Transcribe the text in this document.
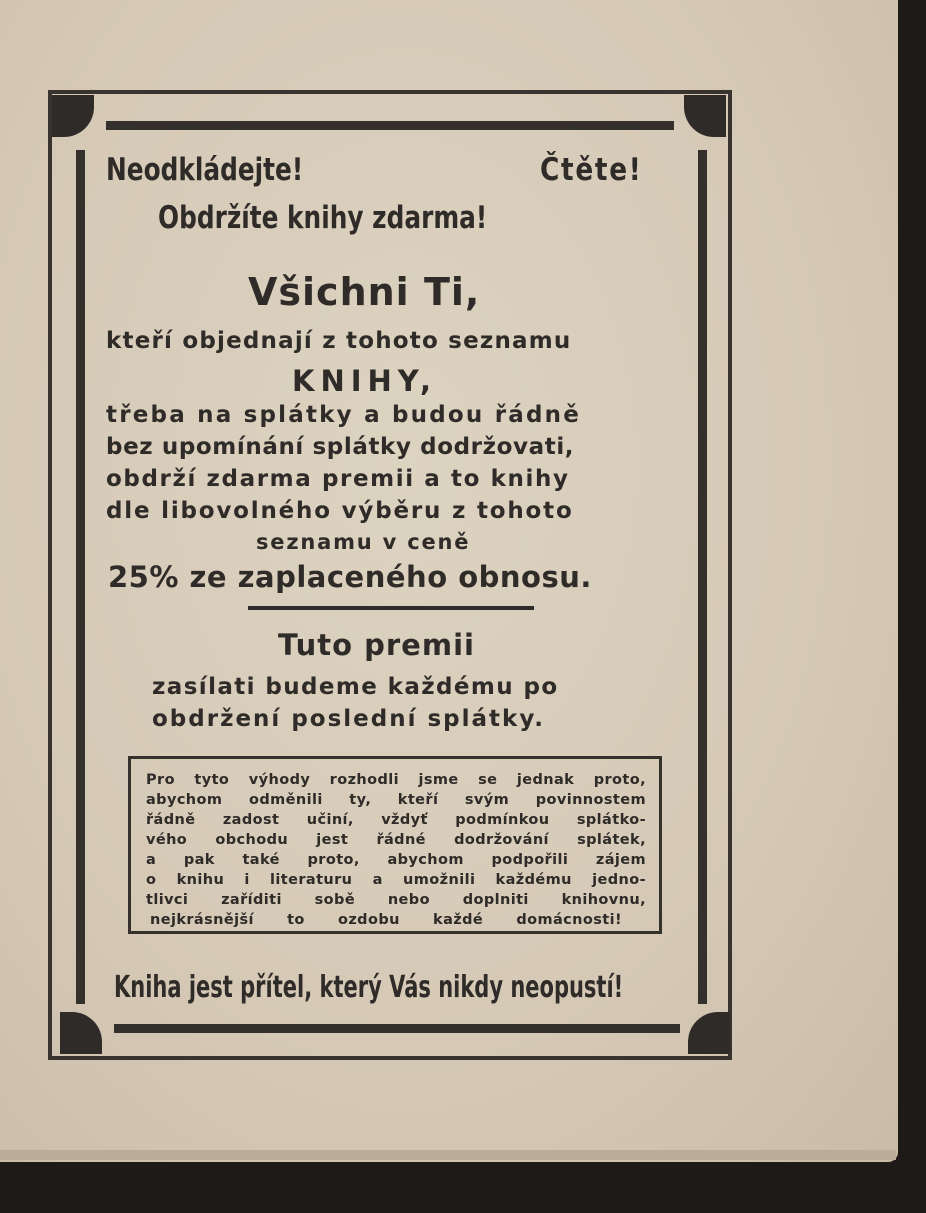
Neodkládejte!	Čtěte!
Obdržíte knihy zdarma!
Všichni Ti,
kteří objednají z tohoto seznamu
KNIHY,
třeba na splátky a budou řádně
bez upomínání splátky dodržovati,
obdrží zdarma premii a to knihy
dle libovolného výběru z tohoto
seznamu v ceně
25% ze zaplaceného obnosu.
Tuto premii
zasílati budeme každému po
obdržení poslední splátky.
Pro tyto výhody rozhodli jsme se jednak proto,
abychom odměnili ty, kteří svým povinnostem
řádně zadost učiní, vždyť podmínkou splátko-
vého obchodu jest řádné dodržování splátek,
a pak také proto, abychom podpořili zájem
o knihu i literaturu a umožnili každému jedno-
tlivci zaříditi sobě nebo doplniti knihovnu,
nejkrásnější to ozdobu každé domácnosti!
Kniha jest přítel, který Vás nikdy neopustí!
